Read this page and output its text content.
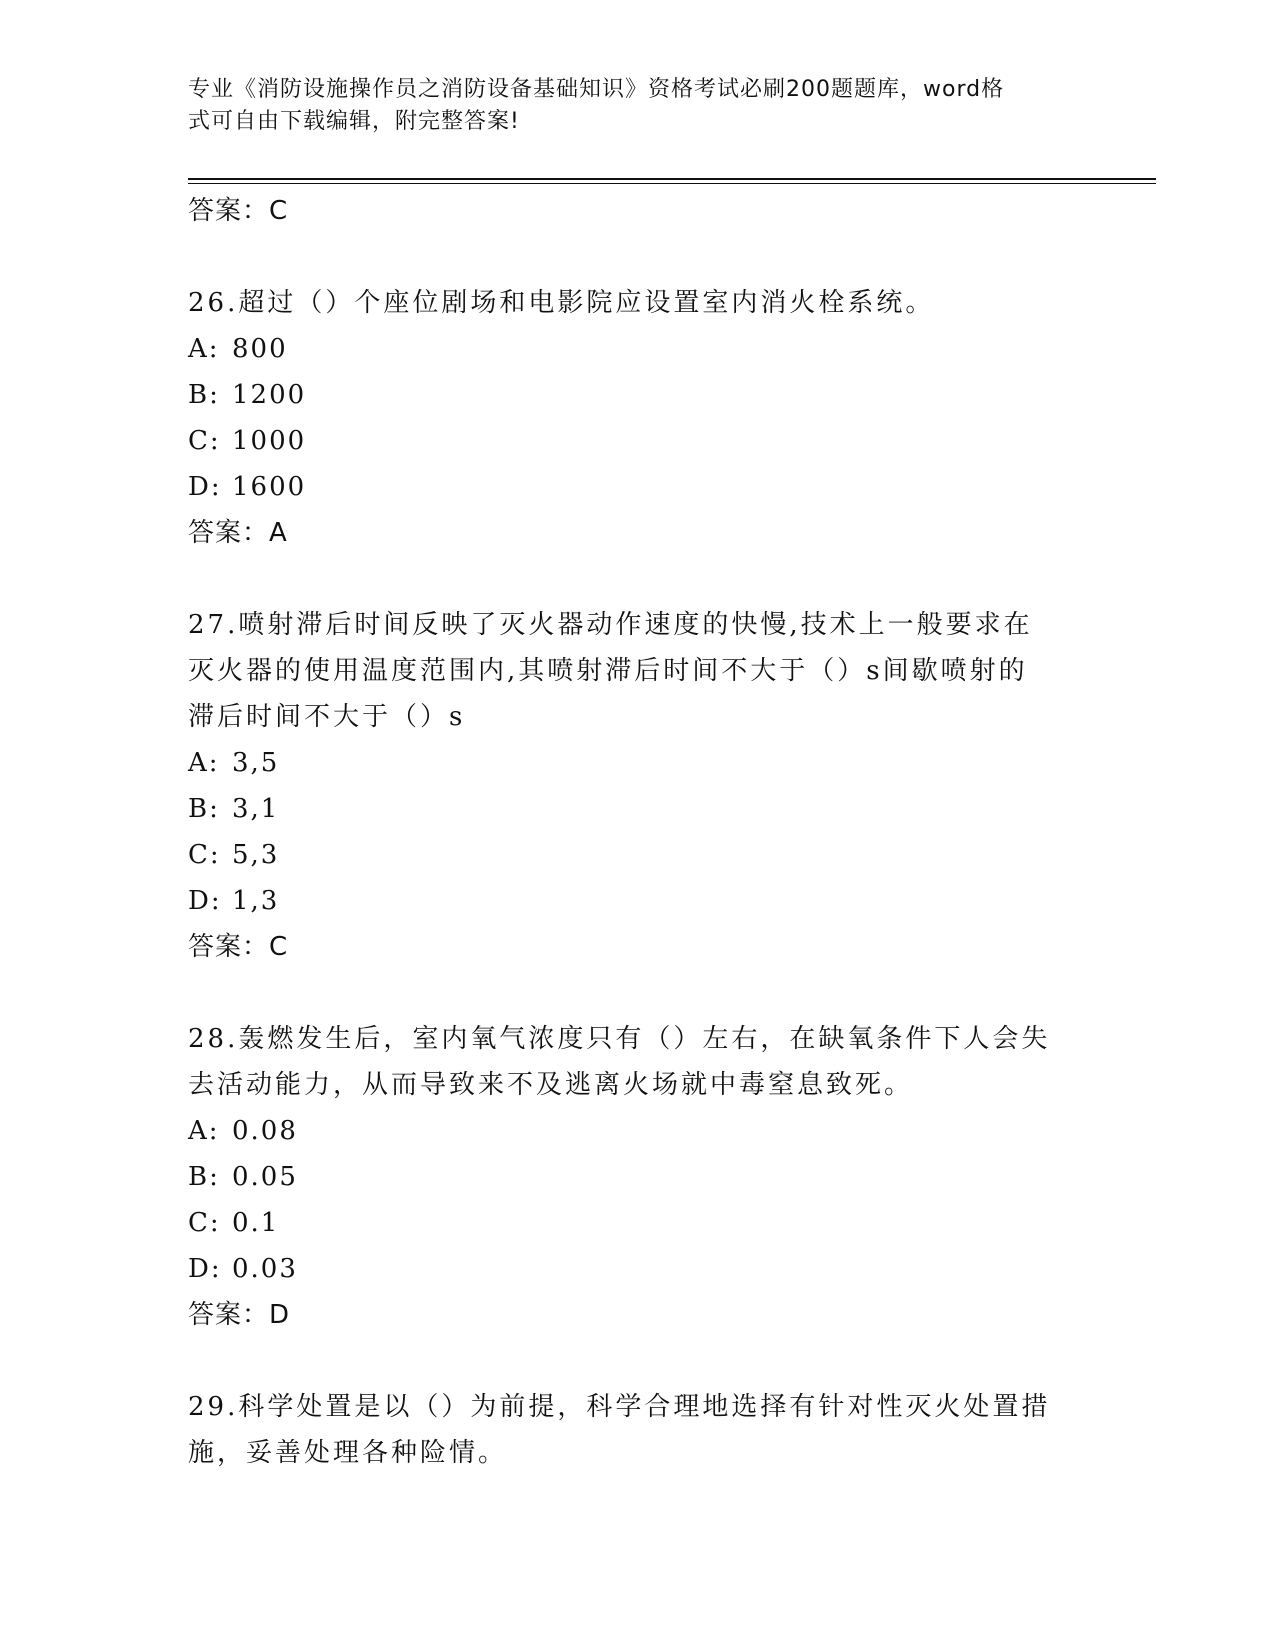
专业《消防设施操作员之消防设备基础知识》资格考试必刷200题题库，word格
式可自由下载编辑，附完整答案!
答案：C

26.超过（）个座位剧场和电影院应设置室内消火栓系统。

A: 800
B: 1200
C: 1000
D: 1600
答案：A

27.喷射滞后时间反映了灭火器动作速度的快慢,技术上一般要求在灭火器的使用温度范围内,其喷射滞后时间不大于（）s间歇喷射的滞后时间不大于（）s

A: 3,5
B: 3,1
C: 5,3
D: 1,3
答案：C

28.轰燃发生后，室内氧气浓度只有（）左右，在缺氧条件下人会失去活动能力，从而导致来不及逃离火场就中毒窒息致死。

A: 0.08
B: 0.05
C: 0.1
D: 0.03
答案：D

29.科学处置是以（）为前提，科学合理地选择有针对性灭火处置措施，妥善处理各种险情。
